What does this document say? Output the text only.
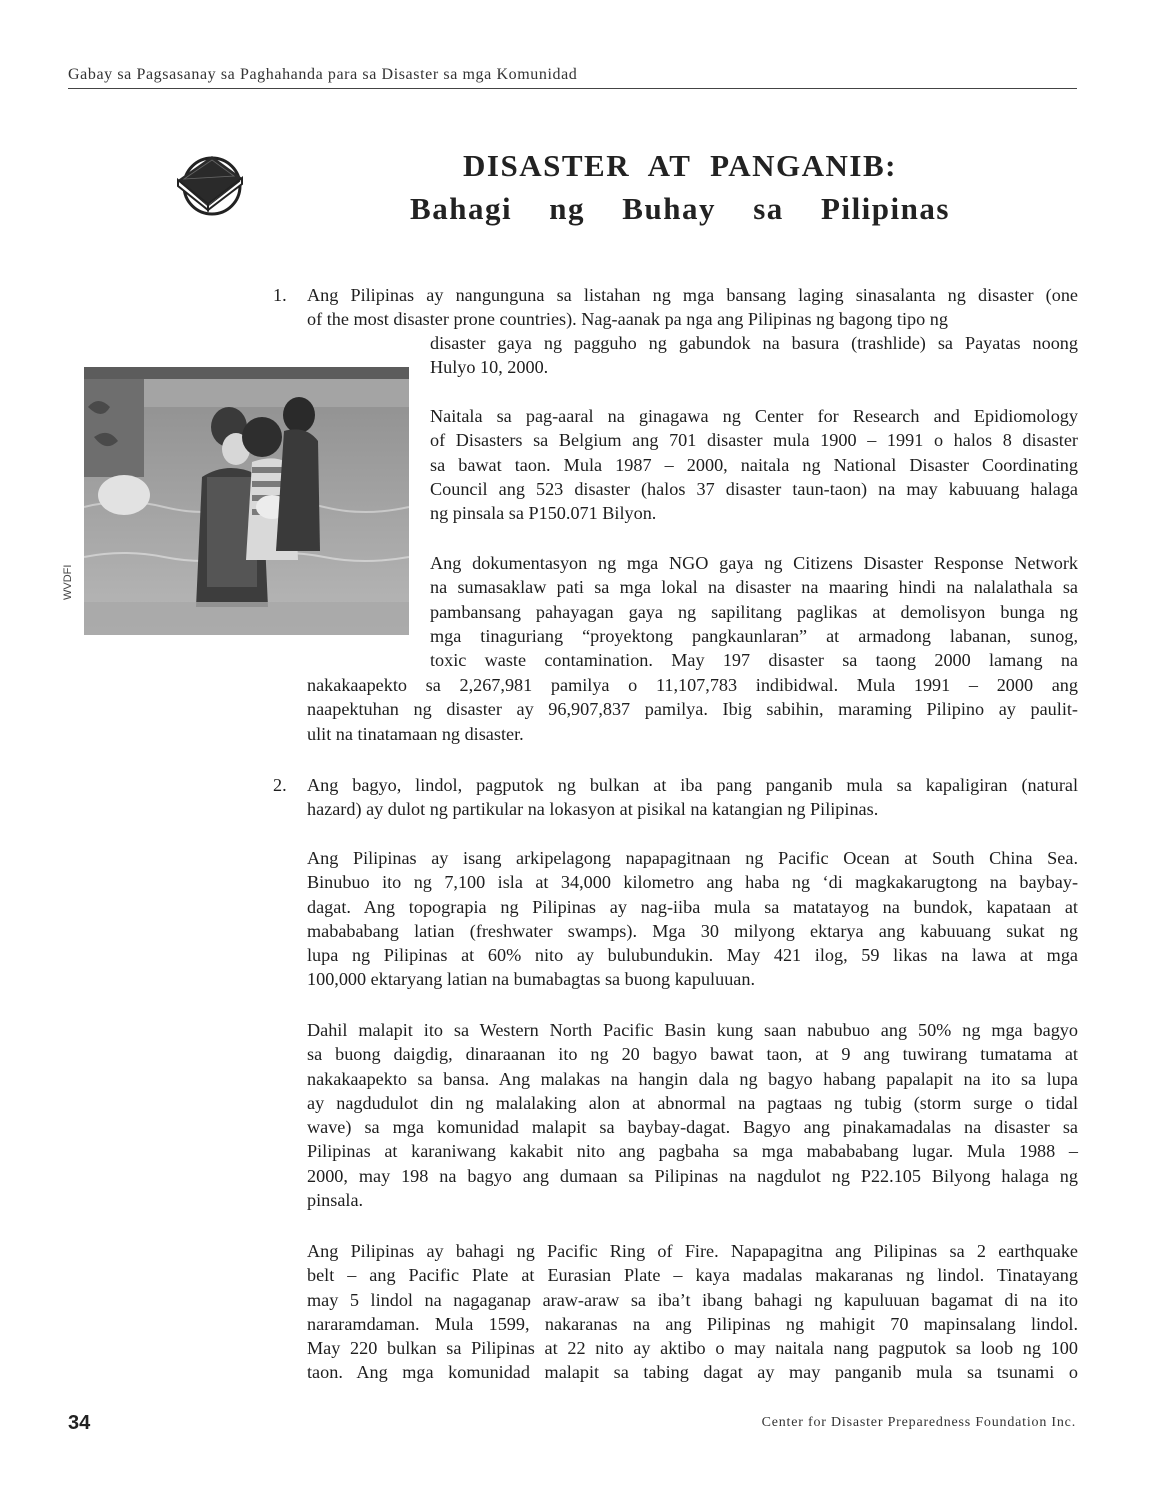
Gabay sa Pagsasanay sa Paghahanda para sa Disaster sa mga Komunidad
DISASTER AT PANGANIB:
Bahagi ng Buhay sa Pilipinas
WVDFI
1. Ang Pilipinas ay nangunguna sa listahan ng mga bansang laging sinasalanta ng disaster (one
of the most disaster prone countries). Nag-aanak pa nga ang Pilipinas ng bagong tipo ng
disaster gaya ng pagguho ng gabundok na basura (trashlide) sa Payatas noong
Hulyo 10, 2000.
Naitala sa pag-aaral na ginagawa ng Center for Research and Epidiomology
of Disasters sa Belgium ang 701 disaster mula 1900 – 1991 o halos 8 disaster
sa bawat taon. Mula 1987 – 2000, naitala ng National Disaster Coordinating
Council ang 523 disaster (halos 37 disaster taun-taon) na may kabuuang halaga
ng pinsala sa P150.071 Bilyon.
Ang dokumentasyon ng mga NGO gaya ng Citizens Disaster Response Network
na sumasaklaw pati sa mga lokal na disaster na maaring hindi na nalalathala sa
pambansang pahayagan gaya ng sapilitang paglikas at demolisyon bunga ng
mga tinaguriang “proyektong pangkaunlaran” at armadong labanan, sunog,
toxic waste contamination. May 197 disaster sa taong 2000 lamang na
nakakaapekto sa 2,267,981 pamilya o 11,107,783 indibidwal. Mula 1991 – 2000 ang
naapektuhan ng disaster ay 96,907,837 pamilya. Ibig sabihin, maraming Pilipino ay paulit-
ulit na tinatamaan ng disaster.
2. Ang bagyo, lindol, pagputok ng bulkan at iba pang panganib mula sa kapaligiran (natural
hazard) ay dulot ng partikular na lokasyon at pisikal na katangian ng Pilipinas.
Ang Pilipinas ay isang arkipelagong napapagitnaan ng Pacific Ocean at South China Sea.
Binubuo ito ng 7,100 isla at 34,000 kilometro ang haba ng ‘di magkakarugtong na baybay-
dagat. Ang topograpia ng Pilipinas ay nag-iiba mula sa matatayog na bundok, kapataan at
mabababang latian (freshwater swamps). Mga 30 milyong ektarya ang kabuuang sukat ng
lupa ng Pilipinas at 60% nito ay bulubundukin. May 421 ilog, 59 likas na lawa at mga
100,000 ektaryang latian na bumabagtas sa buong kapuluuan.
Dahil malapit ito sa Western North Pacific Basin kung saan nabubuo ang 50% ng mga bagyo
sa buong daigdig, dinaraanan ito ng 20 bagyo bawat taon, at 9 ang tuwirang tumatama at
nakakaapekto sa bansa. Ang malakas na hangin dala ng bagyo habang papalapit na ito sa lupa
ay nagdudulot din ng malalaking alon at abnormal na pagtaas ng tubig (storm surge o tidal
wave) sa mga komunidad malapit sa baybay-dagat. Bagyo ang pinakamadalas na disaster sa
Pilipinas at karaniwang kakabit nito ang pagbaha sa mga mabababang lugar. Mula 1988 –
2000, may 198 na bagyo ang dumaan sa Pilipinas na nagdulot ng P22.105 Bilyong halaga ng
pinsala.
Ang Pilipinas ay bahagi ng Pacific Ring of Fire. Napapagitna ang Pilipinas sa 2 earthquake
belt – ang Pacific Plate at Eurasian Plate – kaya madalas makaranas ng lindol. Tinatayang
may 5 lindol na nagaganap araw-araw sa iba’t ibang bahagi ng kapuluuan bagamat di na ito
nararamdaman. Mula 1599, nakaranas na ang Pilipinas ng mahigit 70 mapinsalang lindol.
May 220 bulkan sa Pilipinas at 22 nito ay aktibo o may naitala nang pagputok sa loob ng 100
taon. Ang mga komunidad malapit sa tabing dagat ay may panganib mula sa tsunami o
34	Center for Disaster Preparedness Foundation Inc.
